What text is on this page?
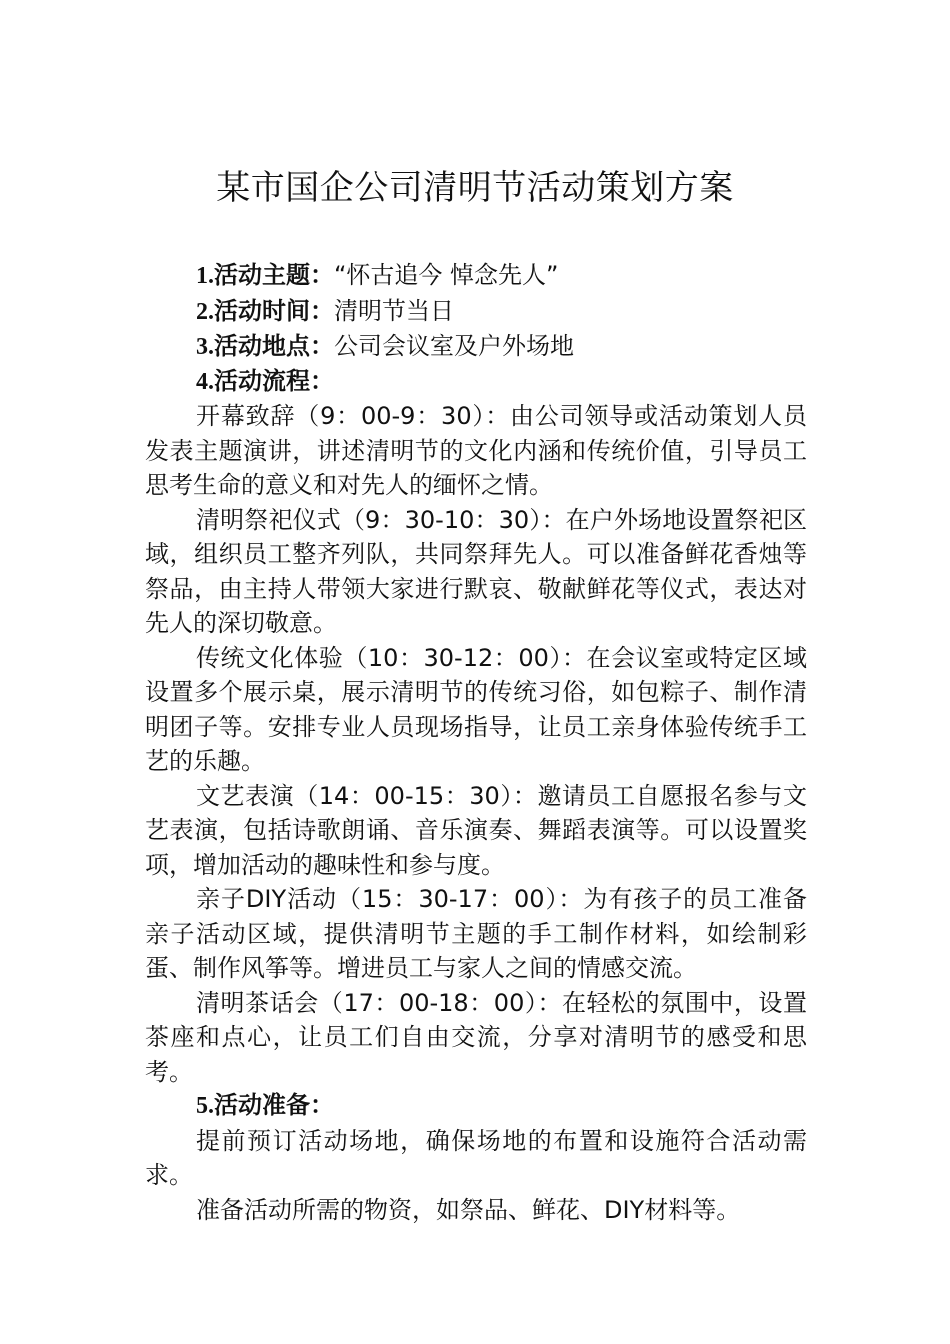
某市国企公司清明节活动策划方案

1.活动主题：“怀古追今 悼念先人”

2.活动时间：清明节当日

3.活动地点：公司会议室及户外场地

4.活动流程：

开幕致辞（9：00-9：30）：由公司领导或活动策划人员发表主题演讲，讲述清明节的文化内涵和传统价值，引导员工思考生命的意义和对先人的缅怀之情。

清明祭祀仪式（9：30-10：30）：在户外场地设置祭祀区域，组织员工整齐列队，共同祭拜先人。可以准备鲜花香烛等祭品，由主持人带领大家进行默哀、敬献鲜花等仪式，表达对先人的深切敬意。

传统文化体验（10：30-12：00）：在会议室或特定区域设置多个展示桌，展示清明节的传统习俗，如包粽子、制作清明团子等。安排专业人员现场指导，让员工亲身体验传统手工艺的乐趣。

文艺表演（14：00-15：30）：邀请员工自愿报名参与文艺表演，包括诗歌朗诵、音乐演奏、舞蹈表演等。可以设置奖项，增加活动的趣味性和参与度。

亲子DIY活动（15：30-17：00）：为有孩子的员工准备亲子活动区域，提供清明节主题的手工制作材料，如绘制彩蛋、制作风筝等。增进员工与家人之间的情感交流。

清明茶话会（17：00-18：00）：在轻松的氛围中，设置茶座和点心，让员工们自由交流，分享对清明节的感受和思考。

5.活动准备：

提前预订活动场地，确保场地的布置和设施符合活动需求。

准备活动所需的物资，如祭品、鲜花、DIY材料等。
